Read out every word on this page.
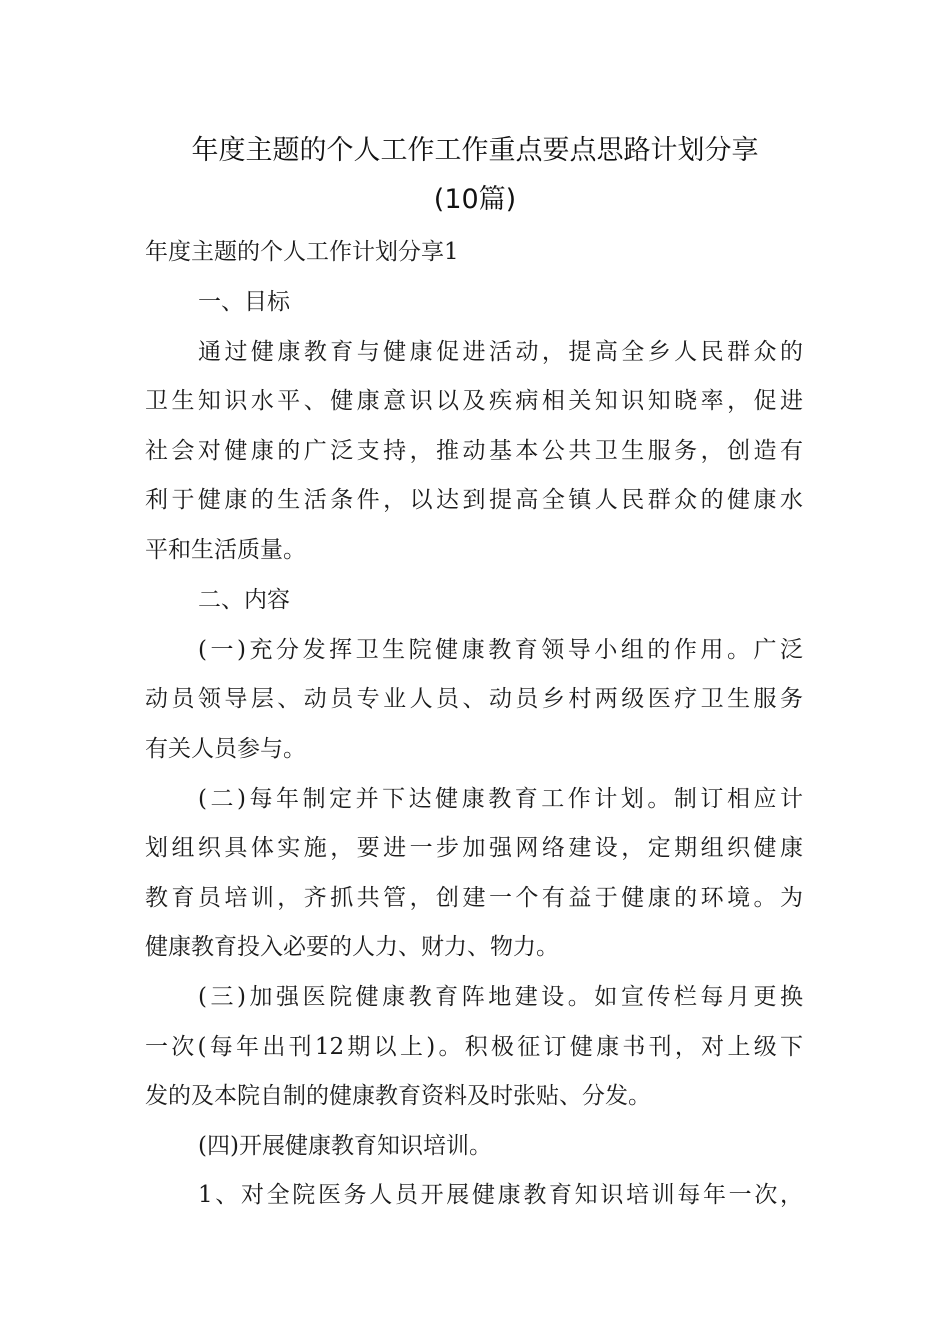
年度主题的个人工作工作重点要点思路计划分享
(10篇)
年度主题的个人工作计划分享1
一、目标
通过健康教育与健康促进活动，提高全乡人民群众的
卫生知识水平、健康意识以及疾病相关知识知晓率，促进
社会对健康的广泛支持，推动基本公共卫生服务，创造有
利于健康的生活条件，以达到提高全镇人民群众的健康水
平和生活质量。
二、内容
(一)充分发挥卫生院健康教育领导小组的作用。广泛
动员领导层、动员专业人员、动员乡村两级医疗卫生服务
有关人员参与。
(二)每年制定并下达健康教育工作计划。制订相应计
划组织具体实施，要进一步加强网络建设，定期组织健康
教育员培训，齐抓共管，创建一个有益于健康的环境。为
健康教育投入必要的人力、财力、物力。
(三)加强医院健康教育阵地建设。如宣传栏每月更换
一次(每年出刊12期以上)。积极征订健康书刊，对上级下
发的及本院自制的健康教育资料及时张贴、分发。
(四)开展健康教育知识培训。
1、对全院医务人员开展健康教育知识培训每年一次，
